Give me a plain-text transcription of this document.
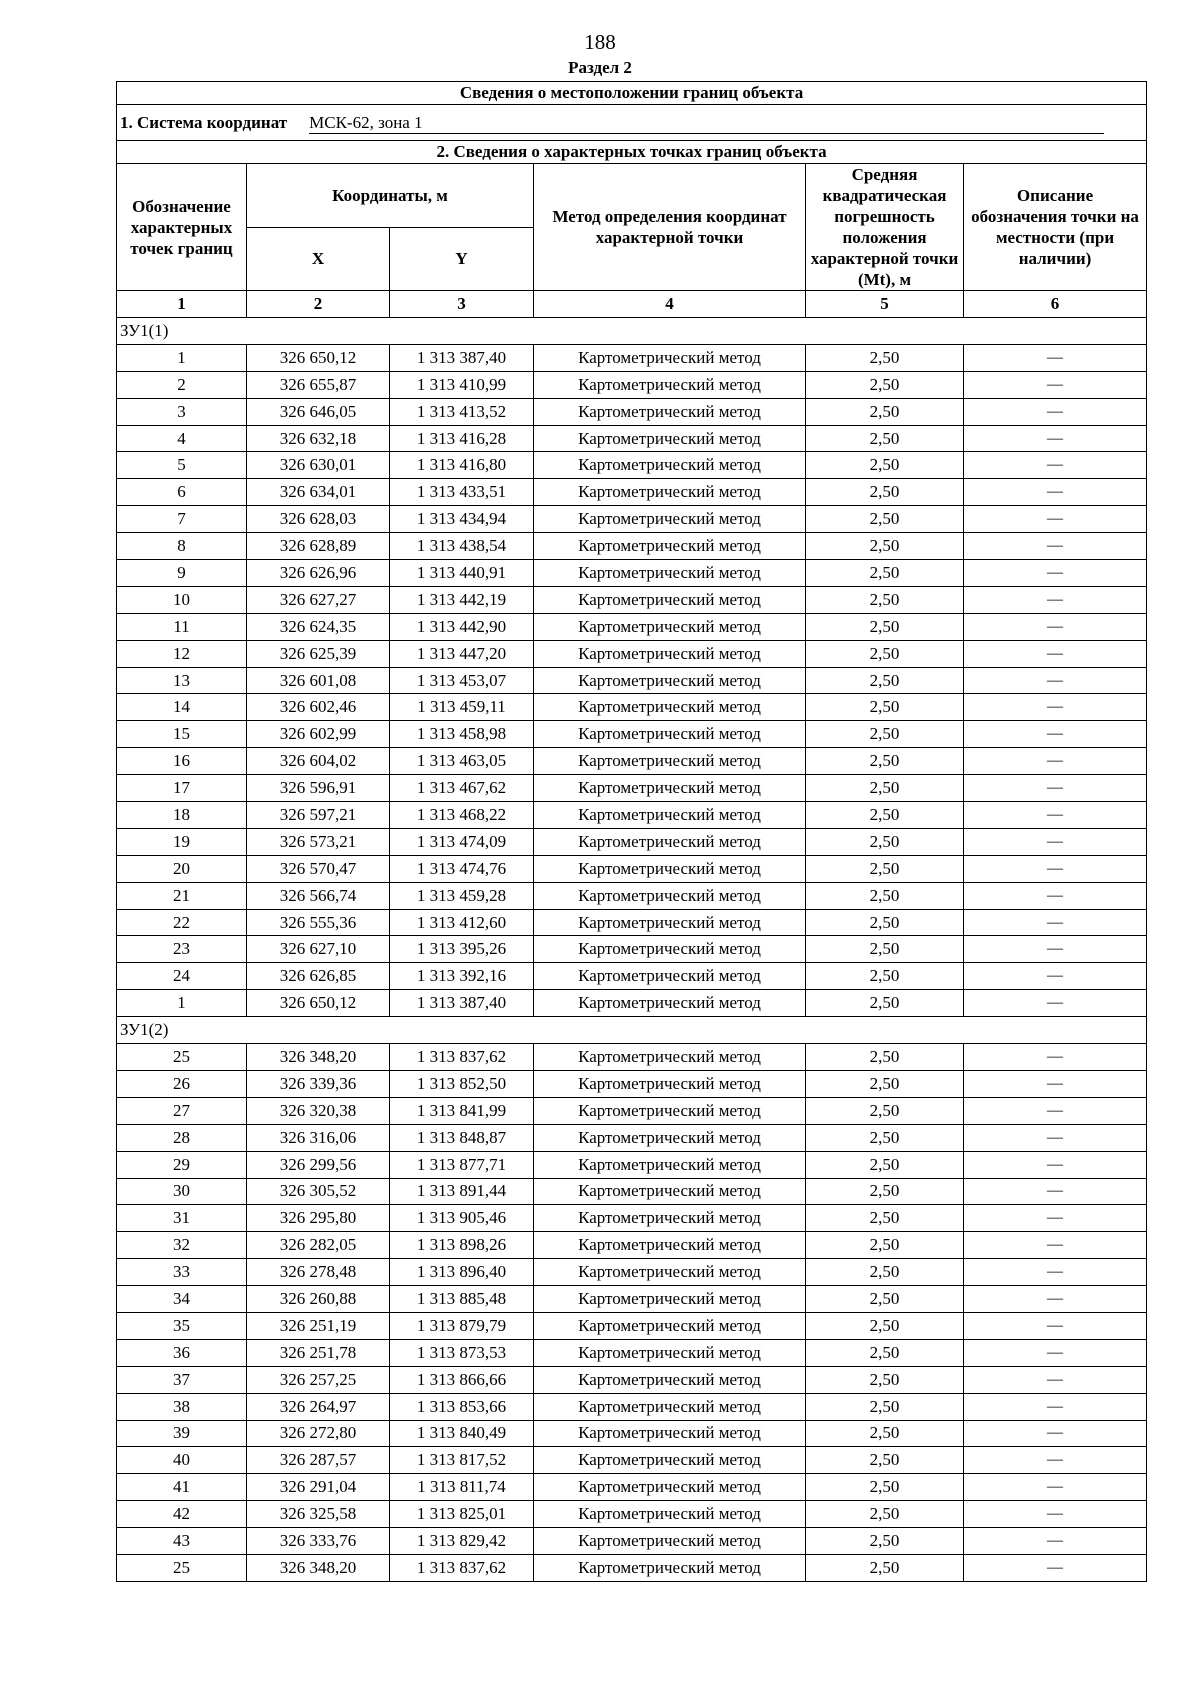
188
Раздел 2
Сведения о местоположении границ объекта					
1. Система координат МСК-62, зона 1					
2. Сведения о характерных точках границ объекта					
Обозначение характерных точек границ	Координаты, м		Метод определения координат характерной точки	Средняя квадратическая погрешность положения характерной точки (Mt), м	Описание обозначения точки на местности (при наличии)
	X	Y			
1	2	3	4	5	6
ЗУ1(1)					
1	326 650,12	1 313 387,40	Картометрический метод	2,50	—
2	326 655,87	1 313 410,99	Картометрический метод	2,50	—
3	326 646,05	1 313 413,52	Картометрический метод	2,50	—
4	326 632,18	1 313 416,28	Картометрический метод	2,50	—
5	326 630,01	1 313 416,80	Картометрический метод	2,50	—
6	326 634,01	1 313 433,51	Картометрический метод	2,50	—
7	326 628,03	1 313 434,94	Картометрический метод	2,50	—
8	326 628,89	1 313 438,54	Картометрический метод	2,50	—
9	326 626,96	1 313 440,91	Картометрический метод	2,50	—
10	326 627,27	1 313 442,19	Картометрический метод	2,50	—
11	326 624,35	1 313 442,90	Картометрический метод	2,50	—
12	326 625,39	1 313 447,20	Картометрический метод	2,50	—
13	326 601,08	1 313 453,07	Картометрический метод	2,50	—
14	326 602,46	1 313 459,11	Картометрический метод	2,50	—
15	326 602,99	1 313 458,98	Картометрический метод	2,50	—
16	326 604,02	1 313 463,05	Картометрический метод	2,50	—
17	326 596,91	1 313 467,62	Картометрический метод	2,50	—
18	326 597,21	1 313 468,22	Картометрический метод	2,50	—
19	326 573,21	1 313 474,09	Картометрический метод	2,50	—
20	326 570,47	1 313 474,76	Картометрический метод	2,50	—
21	326 566,74	1 313 459,28	Картометрический метод	2,50	—
22	326 555,36	1 313 412,60	Картометрический метод	2,50	—
23	326 627,10	1 313 395,26	Картометрический метод	2,50	—
24	326 626,85	1 313 392,16	Картометрический метод	2,50	—
1	326 650,12	1 313 387,40	Картометрический метод	2,50	—
ЗУ1(2)					
25	326 348,20	1 313 837,62	Картометрический метод	2,50	—
26	326 339,36	1 313 852,50	Картометрический метод	2,50	—
27	326 320,38	1 313 841,99	Картометрический метод	2,50	—
28	326 316,06	1 313 848,87	Картометрический метод	2,50	—
29	326 299,56	1 313 877,71	Картометрический метод	2,50	—
30	326 305,52	1 313 891,44	Картометрический метод	2,50	—
31	326 295,80	1 313 905,46	Картометрический метод	2,50	—
32	326 282,05	1 313 898,26	Картометрический метод	2,50	—
33	326 278,48	1 313 896,40	Картометрический метод	2,50	—
34	326 260,88	1 313 885,48	Картометрический метод	2,50	—
35	326 251,19	1 313 879,79	Картометрический метод	2,50	—
36	326 251,78	1 313 873,53	Картометрический метод	2,50	—
37	326 257,25	1 313 866,66	Картометрический метод	2,50	—
38	326 264,97	1 313 853,66	Картометрический метод	2,50	—
39	326 272,80	1 313 840,49	Картометрический метод	2,50	—
40	326 287,57	1 313 817,52	Картометрический метод	2,50	—
41	326 291,04	1 313 811,74	Картометрический метод	2,50	—
42	326 325,58	1 313 825,01	Картометрический метод	2,50	—
43	326 333,76	1 313 829,42	Картометрический метод	2,50	—
25	326 348,20	1 313 837,62	Картометрический метод	2,50	—
